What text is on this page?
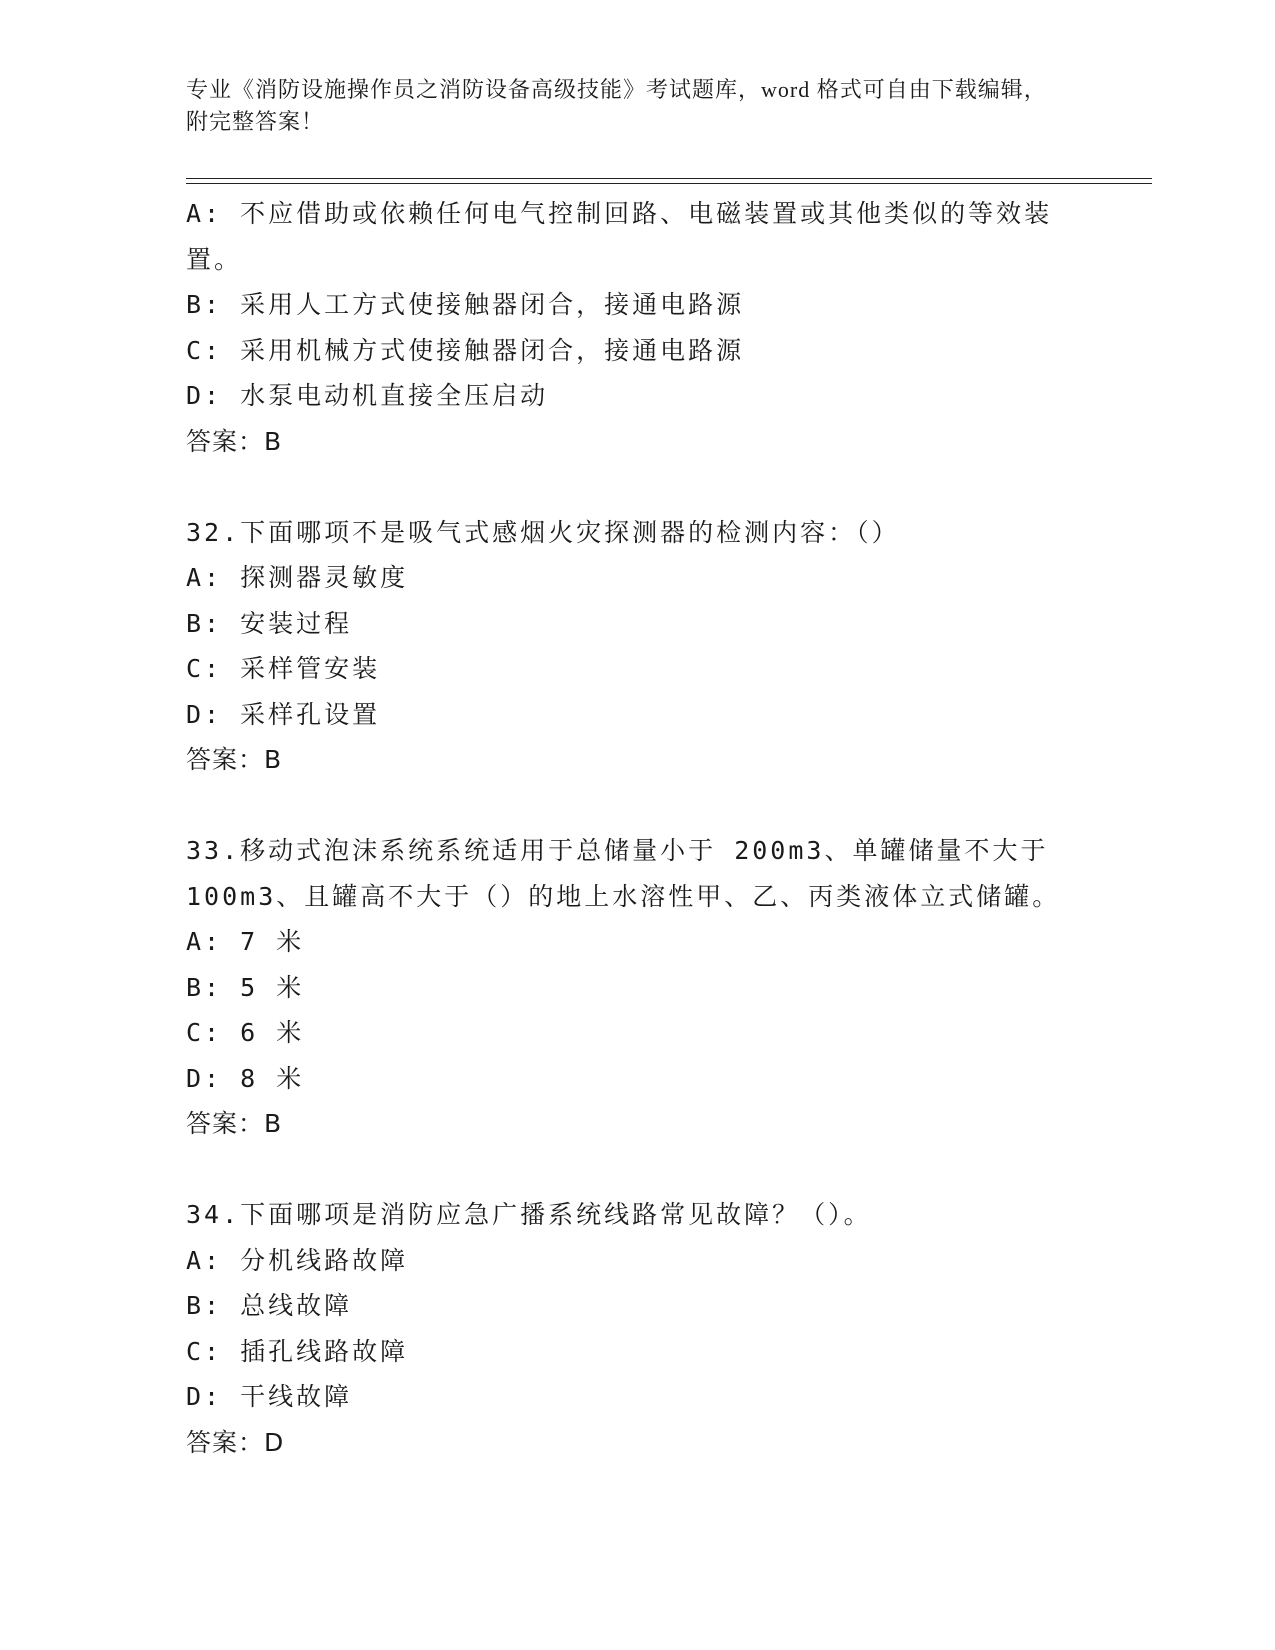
专业《消防设施操作员之消防设备高级技能》考试题库，word 格式可自由下载编辑，附完整答案！
A: 不应借助或依赖任何电气控制回路、电磁装置或其他类似的等效装置。
B: 采用人工方式使接触器闭合，接通电路源
C: 采用机械方式使接触器闭合，接通电路源
D: 水泵电动机直接全压启动
答案：B
32.下面哪项不是吸气式感烟火灾探测器的检测内容：（）
A: 探测器灵敏度
B: 安装过程
C: 采样管安装
D: 采样孔设置
答案：B
33.移动式泡沫系统系统适用于总储量小于 200m3、单罐储量不大于 100m3、且罐高不大于（）的地上水溶性甲、乙、丙类液体立式储罐。
A: 7 米
B: 5 米
C: 6 米
D: 8 米
答案：B
34.下面哪项是消防应急广播系统线路常见故障？（）。
A: 分机线路故障
B: 总线故障
C: 插孔线路故障
D: 干线故障
答案：D
